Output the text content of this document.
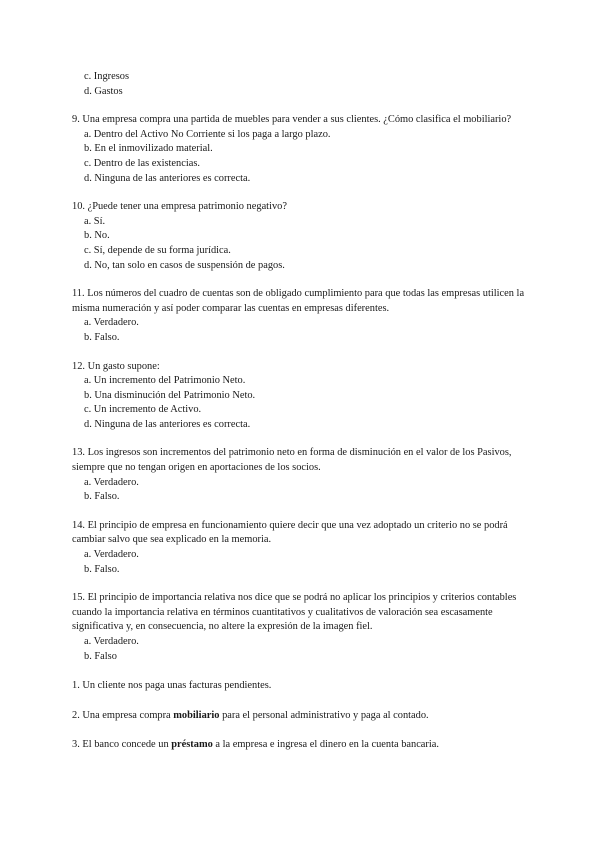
c. Ingresos
d. Gastos

9. Una empresa compra una partida de muebles para vender a sus clientes. ¿Cómo clasifica el mobiliario?

a. Dentro del Activo No Corriente si los paga a largo plazo.
b. En el inmovilizado material.
c. Dentro de las existencias.
d. Ninguna de las anteriores es correcta.

10. ¿Puede tener una empresa patrimonio negativo?

a. Sí.
b. No.
c. Sí, depende de su forma jurídica.
d. No, tan solo en casos de suspensión de pagos.

11. Los números del cuadro de cuentas son de obligado cumplimiento para que todas las empresas utilicen la misma numeración y así poder comparar las cuentas en empresas diferentes.

a. Verdadero.
b. Falso.

12. Un gasto supone:

a. Un incremento del Patrimonio Neto.
b. Una disminución del Patrimonio Neto.
c. Un incremento de Activo.
d. Ninguna de las anteriores es correcta.

13. Los ingresos son incrementos del patrimonio neto en forma de disminución en el valor de los Pasivos, siempre que no tengan origen en aportaciones de los socios.

a. Verdadero.
b. Falso.

14. El principio de empresa en funcionamiento quiere decir que una vez adoptado un criterio no se podrá cambiar salvo que sea explicado en la memoria.

a. Verdadero.
b. Falso.

15. El principio de importancia relativa nos dice que se podrá no aplicar los principios y criterios contables cuando la importancia relativa en términos cuantitativos y cualitativos de valoración sea escasamente significativa y, en consecuencia, no altere la expresión de la imagen fiel.

a. Verdadero.
b. Falso
1. Un cliente nos paga unas facturas pendientes.
2. Una empresa compra mobiliario para el personal administrativo y paga al contado.
3. El banco concede un préstamo a la empresa e ingresa el dinero en la cuenta bancaria.
